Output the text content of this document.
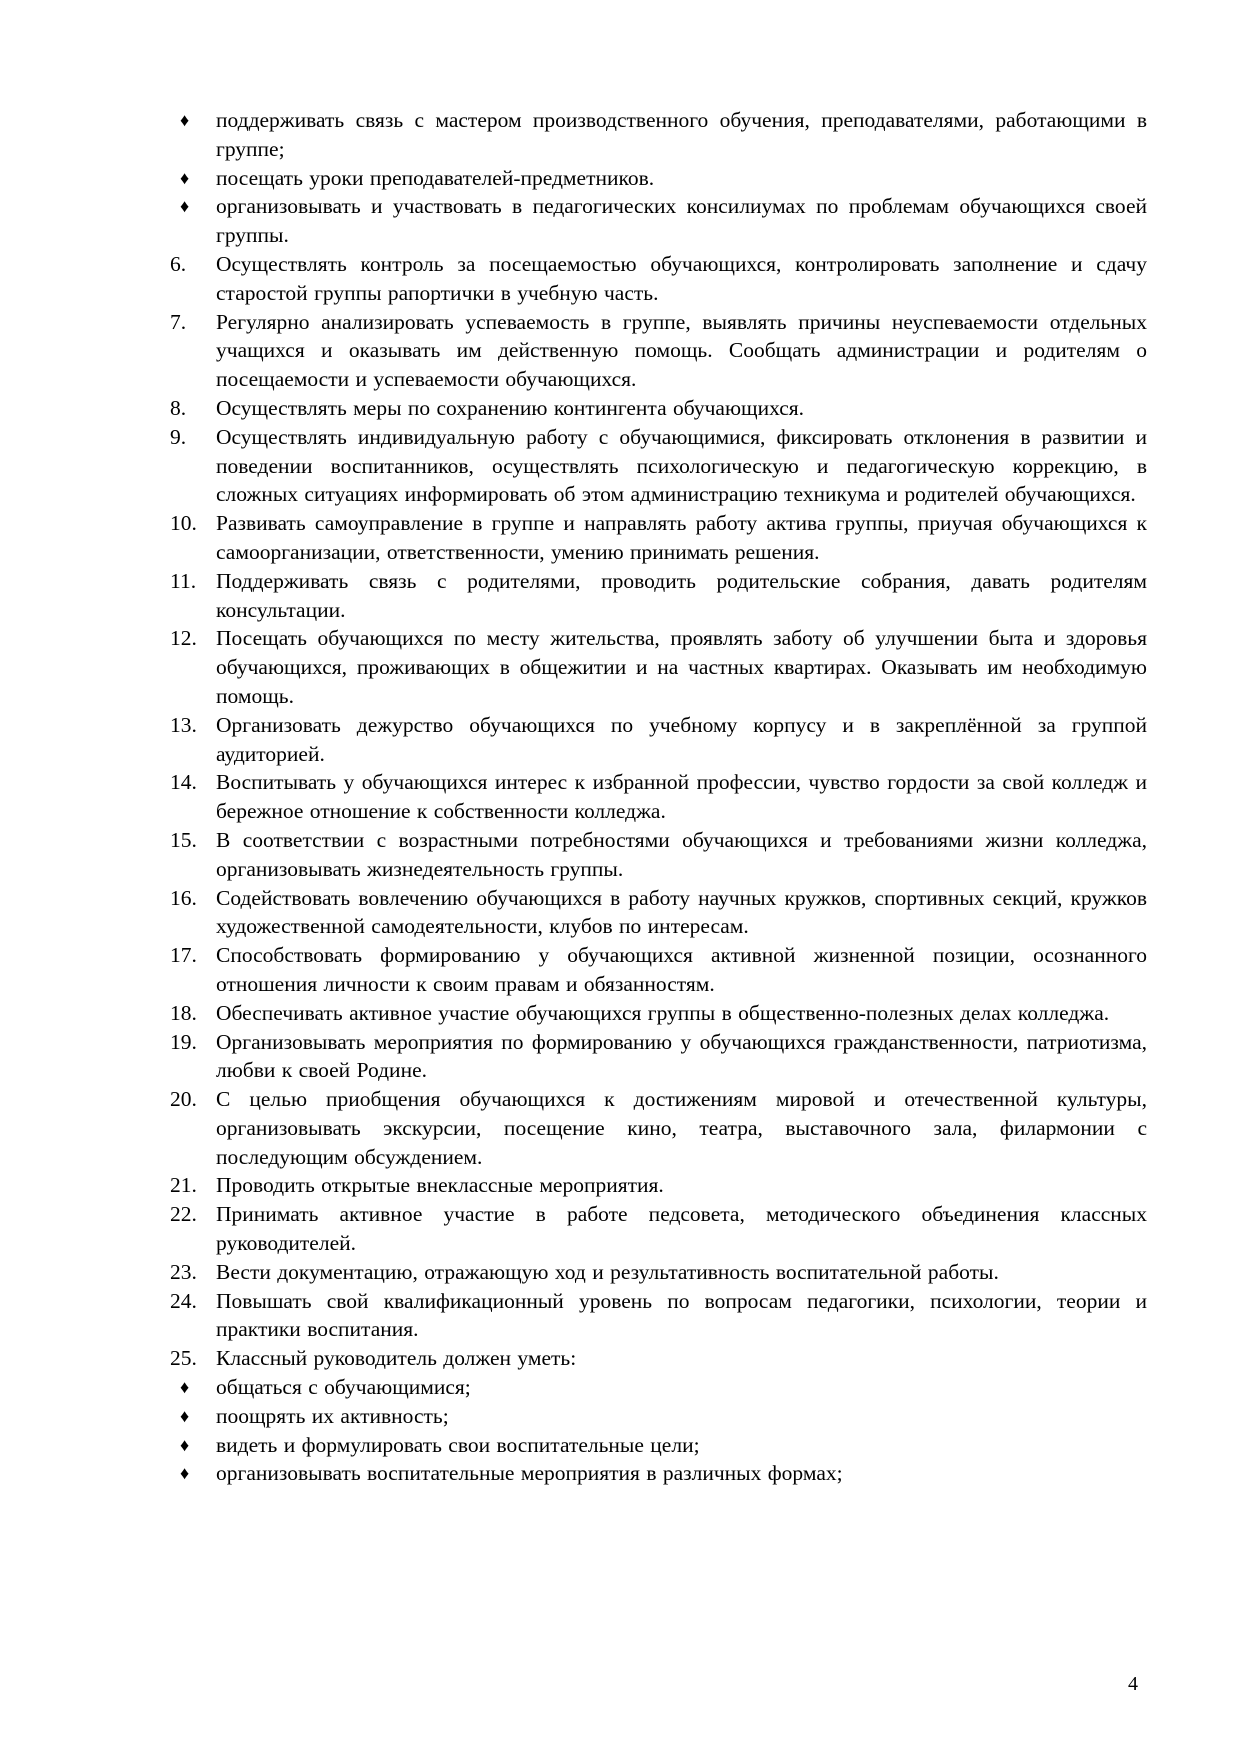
♦	поддерживать связь с мастером производственного обучения, преподавателями, работающими в группе;
♦	посещать уроки преподавателей-предметников.
♦	организовывать и участвовать в педагогических консилиумах по проблемам обучающихся своей группы.
6.	Осуществлять контроль за посещаемостью обучающихся, контролировать заполнение и сдачу старостой группы рапортички в учебную часть.
7.	Регулярно анализировать успеваемость в группе, выявлять причины неуспеваемости отдельных учащихся и оказывать им действенную помощь. Сообщать администрации и родителям о посещаемости и успеваемости обучающихся.
8.	Осуществлять меры по сохранению контингента обучающихся.
9.	Осуществлять индивидуальную работу с обучающимися, фиксировать отклонения в развитии и поведении воспитанников, осуществлять психологическую и педагогическую коррекцию, в сложных ситуациях информировать об этом администрацию техникума и родителей обучающихся.
10. Развивать самоуправление в группе и направлять работу актива группы, приучая обучающихся к самоорганизации, ответственности, умению принимать решения.
11. Поддерживать связь с родителями, проводить родительские собрания, давать родителям консультации.
12. Посещать обучающихся по месту жительства, проявлять заботу об улучшении быта и здоровья обучающихся, проживающих в общежитии и на частных квартирах. Оказывать им необходимую помощь.
13. Организовать дежурство обучающихся по учебному корпусу и в закреплённой за группой аудиторией.
14. Воспитывать у обучающихся интерес к избранной профессии, чувство гордости за свой колледж и бережное отношение к собственности колледжа.
15. В соответствии с возрастными потребностями обучающихся и требованиями жизни колледжа, организовывать жизнедеятельность группы.
16. Содействовать вовлечению обучающихся в работу научных кружков, спортивных секций, кружков художественной самодеятельности, клубов по интересам.
17. Способствовать формированию у обучающихся активной жизненной позиции, осознанного отношения личности к своим правам и обязанностям.
18. Обеспечивать активное участие обучающихся группы в общественно-полезных делах колледжа.
19. Организовывать мероприятия по формированию у обучающихся гражданственности, патриотизма, любви к своей Родине.
20. С целью приобщения обучающихся к достижениям мировой и отечественной культуры, организовывать экскурсии, посещение кино, театра, выставочного зала, филармонии с последующим обсуждением.
21. Проводить открытые внеклассные мероприятия.
22. Принимать активное участие в работе педсовета, методического объединения классных руководителей.
23. Вести документацию, отражающую ход и результативность воспитательной работы.
24. Повышать свой квалификационный уровень по вопросам педагогики, психологии, теории и практики воспитания.
25. Классный руководитель должен уметь:
♦	общаться с обучающимися;
♦	поощрять их активность;
♦	видеть и формулировать свои воспитательные цели;
♦	организовывать воспитательные мероприятия в различных формах;
4
